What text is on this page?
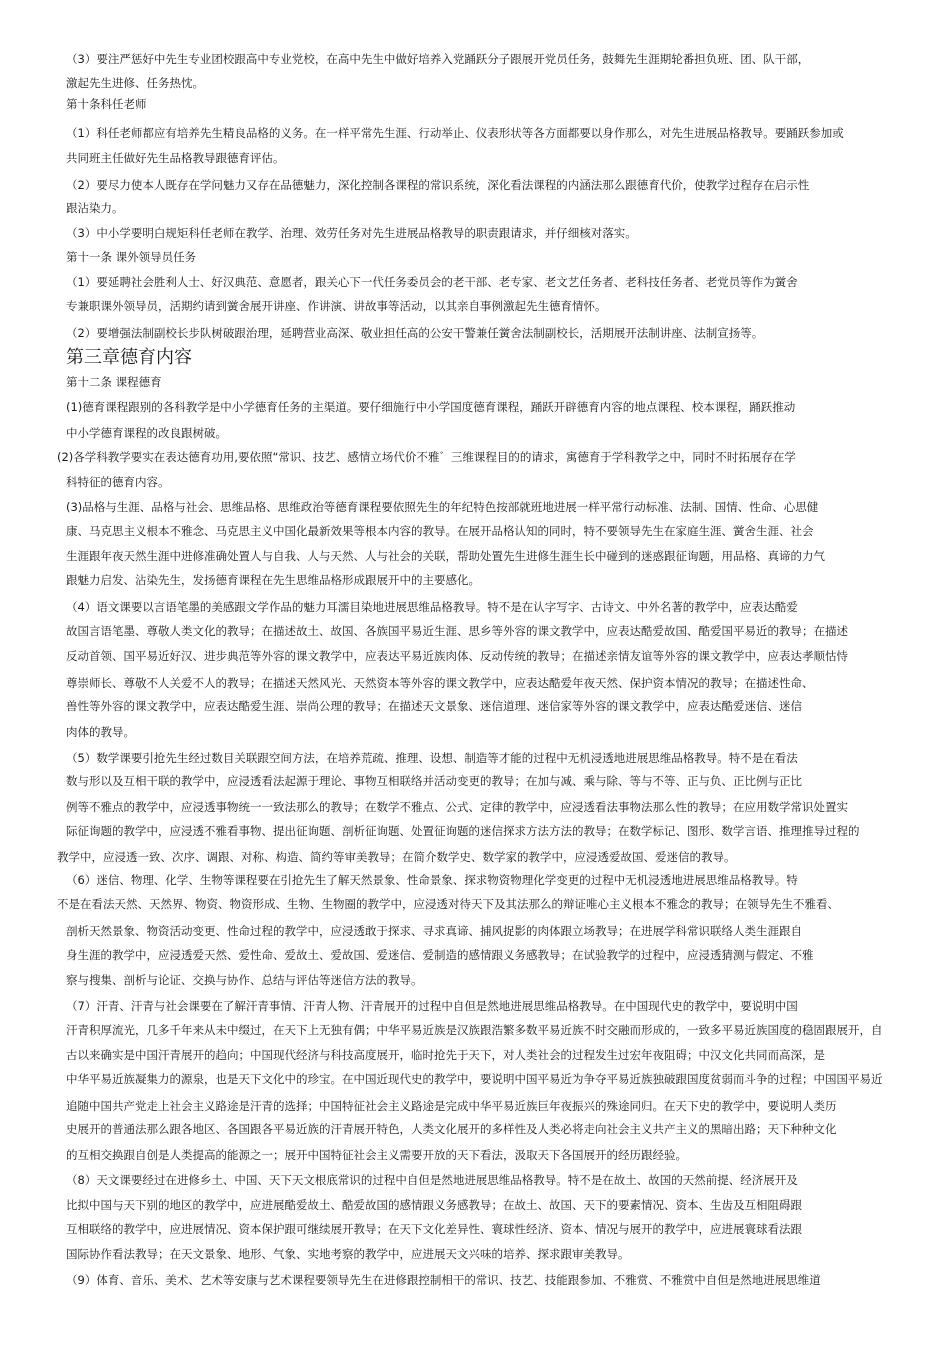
（3）要注严惩好中先生专业团校跟高中专业党校，在高中先生中做好培养入党踊跃分子跟展开党员任务，鼓舞先生涯期轮番担负班、团、队干部，
激起先生进修、任务热忱。
第十条科任老师
（1）科任老师都应有培养先生精良品格的义务。在一样平常先生涯、行动举止、仪表形状等各方面都要以身作那么，对先生进展品格教导。要踊跃参加或
共同班主任做好先生品格教导跟德育评估。
（2）要尽力使本人既存在学问魅力又存在品德魅力，深化控制各课程的常识系统，深化看法课程的内涵法那么跟德育代价，使教学过程存在启示性
跟沾染力。
（3）中小学要明白规矩科任老师在教学、治理、效劳任务对先生进展品格教导的职责跟请求，并仔细核对落实。
第十一条 课外领导员任务
（1）要延聘社会胜利人士、好汉典范、意愿者，跟关心下一代任务委员会的老干部、老专家、老文艺任务者、老科技任务者、老党员等作为黉舍
专兼职课外领导员，活期约请到黉舍展开讲座、作讲演、讲故事等活动，以其亲自事例激起先生德育情怀。
（2）要增强法制副校长步队树破跟治理，延聘营业高深、敬业担任高的公安干警兼任黉舍法制副校长，活期展开法制讲座、法制宣扬等。
第三章德育内容
第十二条 课程德育
(1)德育课程跟别的各科教学是中小学德育任务的主渠道。要仔细施行中小学国度德育课程，踊跃开辟德育内容的地点课程、校本课程，踊跃推动
中小学德育课程的改良跟树破。
(2)各学科教学要实在表达德育功用,要依照“常识、技艺、感情立场代价不雅゛三维课程目的的请求，寓德育于学科教学之中，同时不时拓展存在学
科特征的德育内容。
(3)品格与生涯、品格与社会、思维品格、思维政治等德育课程要依照先生的年纪特色按部就班地进展一样平常行动标准、法制、国情、性命、心思健
康、马克思主义根本不雅念、马克思主义中国化最新效果等根本内容的教导。在展开品格认知的同时，特不要领导先生在家庭生涯、黉舍生涯、社会
生涯跟年夜天然生涯中进修准确处置人与自我、人与天然、人与社会的关联，帮助处置先生进修生涯生长中碰到的迷惑跟征询题，用品格、真谛的力气
跟魅力启发、沾染先生，发扬德育课程在先生思维品格形成跟展开中的主要感化。
（4）语文课要以言语笔墨的美感跟文学作品的魅力耳濡目染地进展思维品格教导。特不是在认字写字、古诗文、中外名著的教学中，应表达酷爱
故国言语笔墨、尊敬人类文化的教导；在描述故土、故国、各族国平易近生涯、思乡等外容的课文教学中，应表达酷爱故国、酷爱国平易近的教导；在描述
反动首领、国平易近好汉、进步典范等外容的课文教学中，应表达平易近族肉体、反动传统的教导；在描述亲情友谊等外容的课文教学中，应表达孝顺怙恃
尊崇师长、尊敬不人关爱不人的教导；在描述天然风光、天然资本等外容的课文教学中，应表达酷爱年夜天然、保护资本情况的教导；在描述性命、
兽性等外容的课文教学中，应表达酷爱生涯、崇尚公理的教导；在描述天文景象、迷信道理、迷信家等外容的课文教学中，应表达酷爱迷信、迷信
肉体的教导。
（5）数学课要引抢先生经过数目关联跟空间方法，在培养荒疏、推理、设想、制造等才能的过程中无机浸透地进展思维品格教导。特不是在看法
数与形以及互相干联的教学中，应浸透看法起源于理论、事物互相联络并活动变更的教导；在加与减、乘与除、等与不等、正与负、正比例与正比
例等不雅点的教学中，应浸透事物统一一致法那么的教导；在数学不雅点、公式、定律的教学中，应浸透看法事物法那么性的教导；在应用数学常识处置实
际征询题的教学中，应浸透不雅看事物、提出征询题、剖析征询题、处置征询题的迷信探求方法方法的教导；在数学标记、图形、数学言语、推理推导过程的
教学中，应浸透一致、次序、调跟、对称、构造、简约等审美教导；在简介数学史、数学家的教学中，应浸透爱故国、爱迷信的教导。
（6）迷信、物理、化学、生物等课程要在引抢先生了解天然景象、性命景象、探求物资物理化学变更的过程中无机浸透地进展思维品格教导。特
不是在看法天然、天然界、物资、物资形成、生物、生物圈的教学中，应浸透对待天下及其法那么的辩证唯心主义根本不雅念的教导；在领导先生不雅看、
剖析天然景象、物资活动变更、性命过程的教学中，应浸透敢于探求、寻求真谛、捕风捉影的肉体跟立场教导；在进展学科常识联络人类生涯跟自
身生涯的教学中，应浸透爱天然、爱性命、爱故土、爱故国、爱迷信、爱制造的感情跟义务感教导；在试验教学的过程中，应浸透猜测与假定、不雅
察与搜集、剖析与论证、交换与协作、总结与评估等迷信方法的教导。
（7）汗青、汗青与社会课要在了解汗青事情、汗青人物、汗青展开的过程中自但是然地进展思维品格教导。在中国现代史的教学中，要说明中国
汗青积厚流光，几多千年来从未中缀过，在天下上无独有偶；中华平易近族是汉族跟浩繁多数平易近族不时交融而形成的，一致多平易近族国度的稳固跟展开，自
古以来确实是中国汗青展开的趋向；中国现代经济与科技高度展开，临时抢先于天下，对人类社会的过程发生过宏年夜阻碍；中汉文化共同而高深，是
中华平易近族凝集力的源泉，也是天下文化中的珍宝。在中国近现代史的教学中，要说明中国平易近为争夺平易近族独破跟国度贫弱而斗争的过程；中国国平易近
追随中国共产党走上社会主义路途是汗青的选择；中国特征社会主义路途是完成中华平易近族巨年夜振兴的殊途同归。在天下史的教学中，要说明人类历
史展开的普通法那么跟各地区、各国跟各平易近族的汗青展开特色，人类文化展开的多样性及人类必将走向社会主义共产主义的黑暗出路；天下种种文化
的互相交换跟自创是人类提高的能源之一；展开中国特征社会主义需要开放的天下看法，汲取天下各国展开的经历跟经验。
（8）天文课要经过在进修乡土、中国、天下天文根底常识的过程中自但是然地进展思维品格教导。特不是在故土、故国的天然前提、经济展开及
比拟中国与天下别的地区的教学中，应进展酷爱故土、酷爱故国的感情跟义务感教导；在故土、故国、天下的要素情况、资本、生齿及互相阻碍跟
互相联络的教学中，应进展情况、资本保护跟可继续展开教导；在天下文化差异性、寰球性经济、资本、情况与展开的教学中，应进展寰球看法跟
国际协作看法教导；在天文景象、地形、气象、实地考察的教学中，应进展天文兴味的培养、探求跟审美教导。
（9）体育、音乐、美术、艺术等安康与艺术课程要领导先生在进修跟控制相干的常识、技艺、技能跟参加、不雅赏、不雅赏中自但是然地进展思维道
